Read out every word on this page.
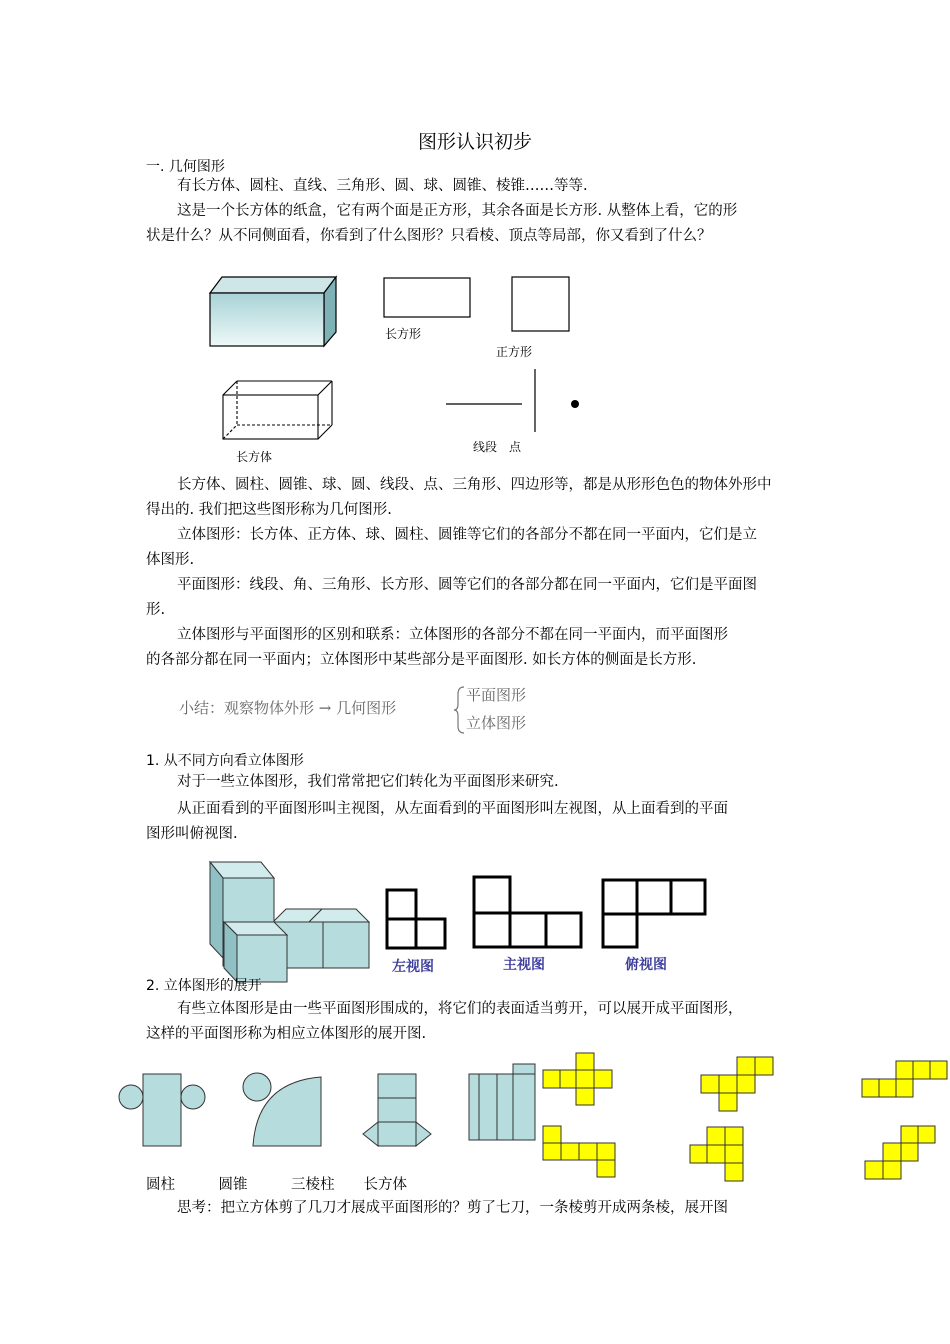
图形认识初步
一. 几何图形
有长方体、圆柱、直线、三角形、圆、球、圆锥、棱锥……等等.
这是一个长方体的纸盒，它有两个面是正方形，其余各面是长方形. 从整体上看，它的形
状是什么？从不同侧面看，你看到了什么图形？只看棱、顶点等局部，你又看到了什么？
长方形
正方形
长方体
线段　点
长方体、圆柱、圆锥、球、圆、线段、点、三角形、四边形等，都是从形形色色的物体外形中
得出的. 我们把这些图形称为几何图形.
立体图形：长方体、正方体、球、圆柱、圆锥等它们的各部分不都在同一平面内，它们是立
体图形.
平面图形：线段、角、三角形、长方形、圆等它们的各部分都在同一平面内，它们是平面图
形.
立体图形与平面图形的区别和联系：立体图形的各部分不都在同一平面内，而平面图形
的各部分都在同一平面内；立体图形中某些部分是平面图形. 如长方体的侧面是长方形.
小结：观察物体外形 → 几何图形
平面图形
立体图形
1. 从不同方向看立体图形
对于一些立体图形，我们常常把它们转化为平面图形来研究.
从正面看到的平面图形叫主视图，从左面看到的平面图形叫左视图，从上面看到的平面
图形叫俯视图.
左视图	主视图	俯视图
2. 立体图形的展开
有些立体图形是由一些平面图形围成的，将它们的表面适当剪开，可以展开成平面图形，
这样的平面图形称为相应立体图形的展开图.
圆柱　　　圆锥　　　三棱柱　　长方体
思考：把立方体剪了几刀才展成平面图形的？剪了七刀，一条棱剪开成两条棱，展开图
